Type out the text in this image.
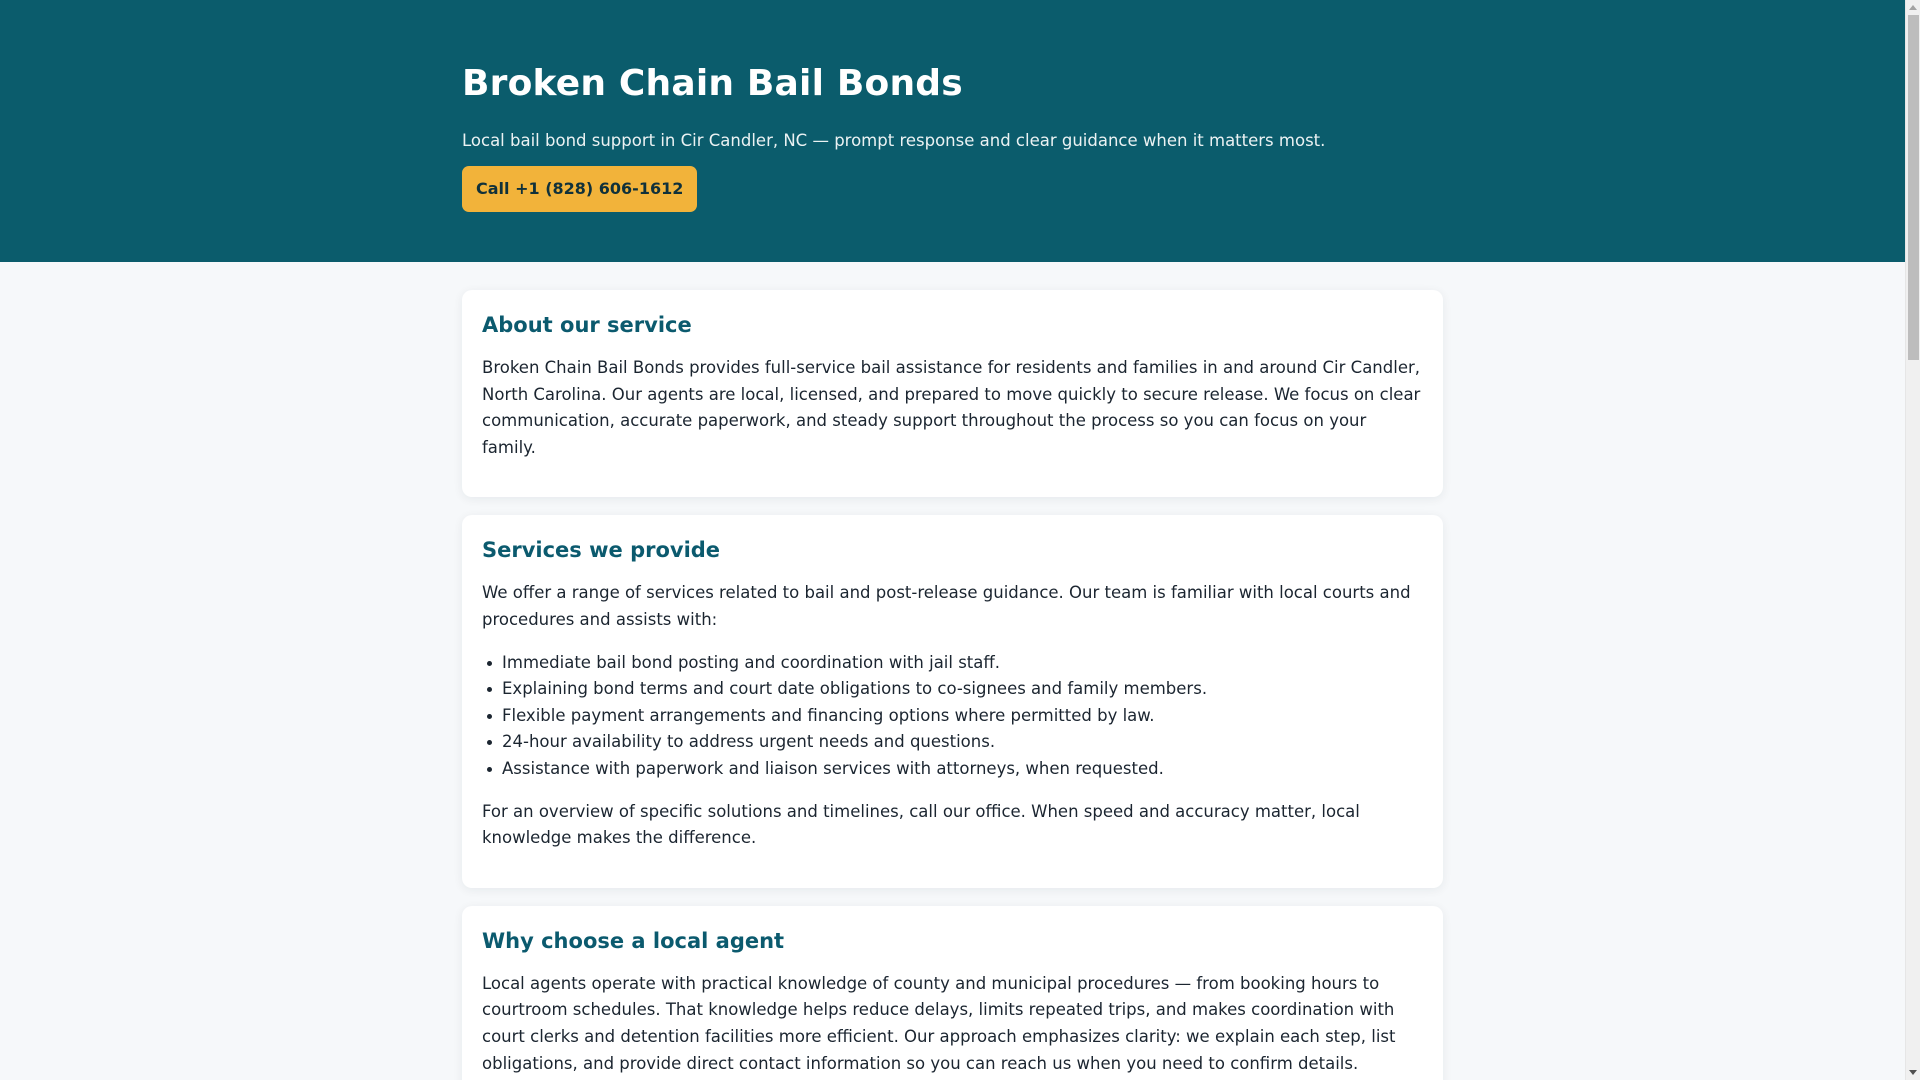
Broken Chain Bail Bonds

Local bail bond support in Cir Candler, NC — prompt response and clear guidance when it matters most.

Call +1 (828) 606-1612
About our service

Broken Chain Bail Bonds provides full-service bail assistance for residents and families in and around Cir Candler, North Carolina. Our agents are local, licensed, and prepared to move quickly to secure release. We focus on clear communication, accurate paperwork, and steady support throughout the process so you can focus on your family.

Services we provide

We offer a range of services related to bail and post-release guidance. Our team is familiar with local courts and procedures and assists with:

Immediate bail bond posting and coordination with jail staff.
Explaining bond terms and court date obligations to co-signees and family members.
Flexible payment arrangements and financing options where permitted by law.
24-hour availability to address urgent needs and questions.
Assistance with paperwork and liaison services with attorneys, when requested.

For an overview of specific solutions and timelines, call our office. When speed and accuracy matter, local knowledge makes the difference.

Why choose a local agent

Local agents operate with practical knowledge of county and municipal procedures — from booking hours to courtroom schedules. That knowledge helps reduce delays, limits repeated trips, and makes coordination with court clerks and detention facilities more efficient. Our approach emphasizes clarity: we explain each step, list obligations, and provide direct contact information so you can reach us when you need to confirm details.
